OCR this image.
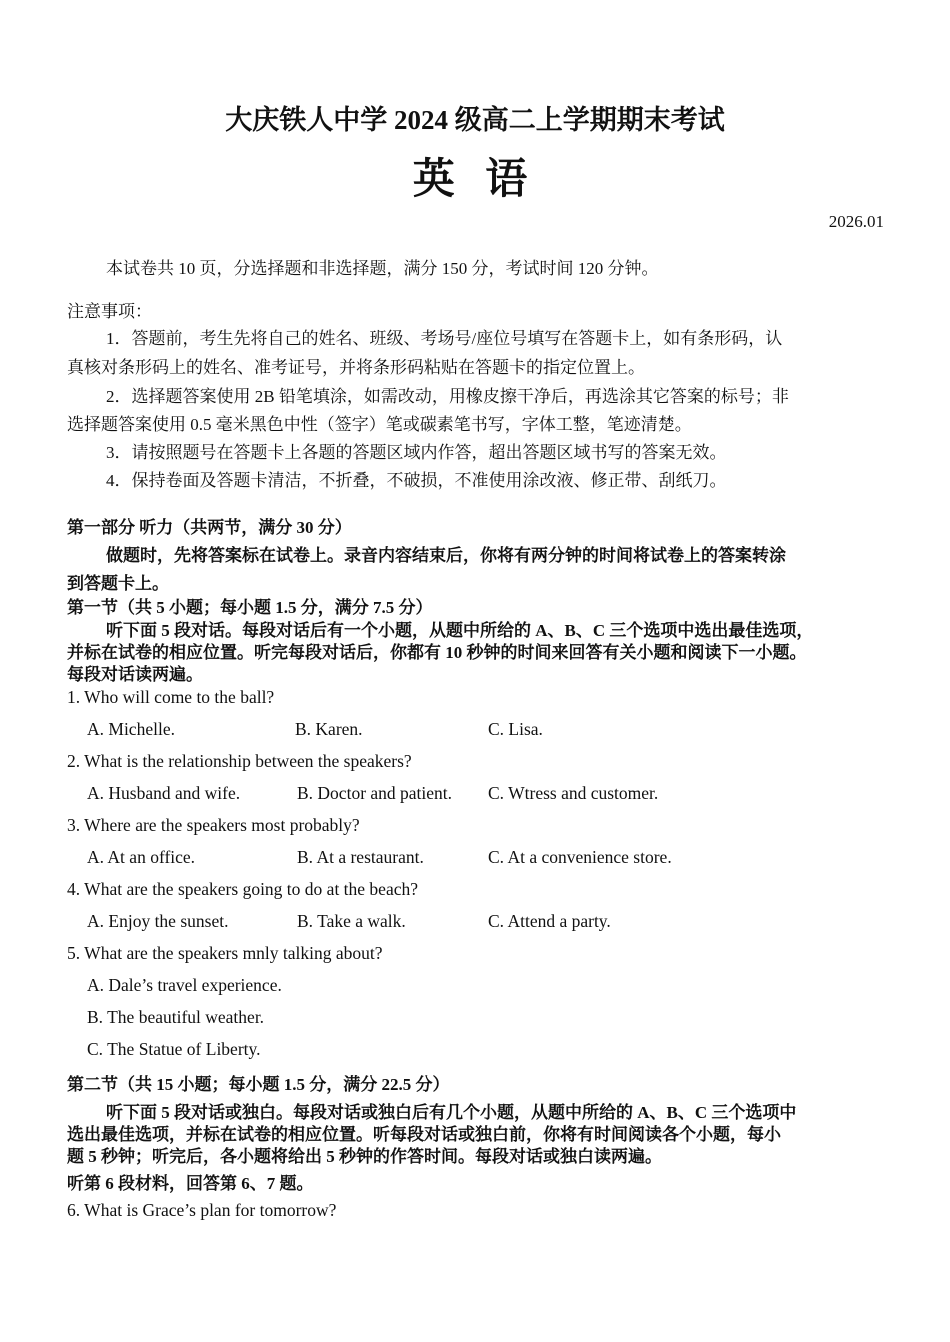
大庆铁人中学 2024 级高二上学期期末考试
英 语
2026.01
本试卷共 10 页，分选择题和非选择题，满分 150 分，考试时间 120 分钟。
注意事项：
1．答题前，考生先将自己的姓名、班级、考场号/座位号填写在答题卡上，如有条形码，认
真核对条形码上的姓名、准考证号，并将条形码粘贴在答题卡的指定位置上。
2．选择题答案使用 2B 铅笔填涂，如需改动，用橡皮擦干净后，再选涂其它答案的标号；非
选择题答案使用 0.5 毫米黑色中性（签字）笔或碳素笔书写，字体工整，笔迹清楚。
3．请按照题号在答题卡上各题的答题区域内作答，超出答题区域书写的答案无效。
4．保持卷面及答题卡清洁，不折叠，不破损，不准使用涂改液、修正带、刮纸刀。
第一部分 听力（共两节，满分 30 分）
做题时，先将答案标在试卷上。录音内容结束后，你将有两分钟的时间将试卷上的答案转涂
到答题卡上。
第一节（共 5 小题；每小题 1.5 分，满分 7.5 分）
听下面 5 段对话。每段对话后有一个小题，从题中所给的 A、B、C 三个选项中选出最佳选项，
并标在试卷的相应位置。听完每段对话后，你都有 10 秒钟的时间来回答有关小题和阅读下一小题。
每段对话读两遍。
1. Who will come to the ball?
A. Michelle.	B. Karen.	C. Lisa.
2. What is the relationship between the speakers?
A. Husband and wife.	B. Doctor and patient. C. Wtress and customer.
3. Where are the speakers most probably?
A. At an office.	B. At a restaurant.	C. At a convenience store.
4. What are the speakers going to do at the beach?
A. Enjoy the sunset.	B. Take a walk.	C. Attend a party.
5. What are the speakers mnly talking about?
A. Dale’s travel experience.
B. The beautiful weather.
C. The Statue of Liberty.
第二节（共 15 小题；每小题 1.5 分，满分 22.5 分）
听下面 5 段对话或独白。每段对话或独白后有几个小题，从题中所给的 A、B、C 三个选项中
选出最佳选项，并标在试卷的相应位置。听每段对话或独白前，你将有时间阅读各个小题，每小
题 5 秒钟；听完后，各小题将给出 5 秒钟的作答时间。每段对话或独白读两遍。
听第 6 段材料，回答第 6、7 题。
6. What is Grace’s plan for tomorrow?
